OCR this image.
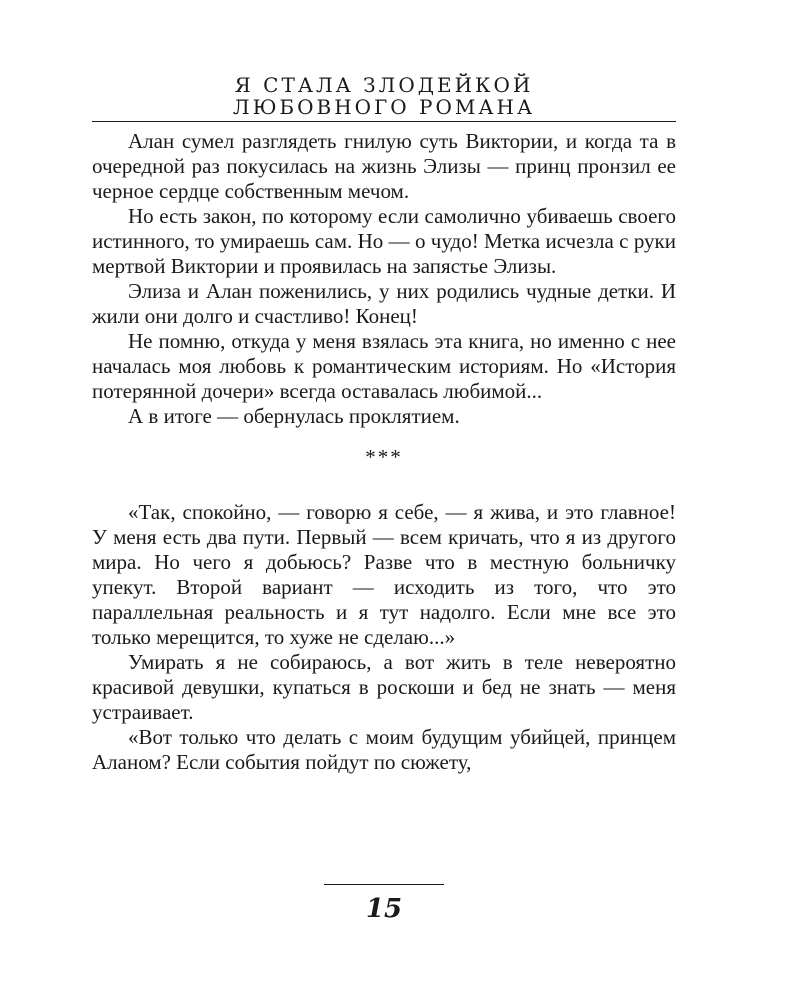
Я СТАЛА ЗЛОДЕЙКОЙ
ЛЮБОВНОГО РОМАНА

Алан сумел разглядеть гнилую суть Виктории, и когда та в очередной раз покусилась на жизнь Элизы — принц пронзил ее черное сердце собственным мечом.

Но есть закон, по которому если самолично убиваешь своего истинного, то умираешь сам. Но — о чудо! Метка исчезла с руки мертвой Виктории и проявилась на запястье Элизы.

Элиза и Алан поженились, у них родились чудные детки. И жили они долго и счастливо! Конец!

Не помню, откуда у меня взялась эта книга, но именно с нее началась моя любовь к романтическим историям. Но «История потерянной дочери» всегда оставалась любимой...

А в итоге — обернулась проклятием.

***

«Так, спокойно, — говорю я себе, — я жива, и это главное! У меня есть два пути. Первый — всем кричать, что я из другого мира. Но чего я добьюсь? Разве что в местную больничку упекут. Второй вариант — исходить из того, что это параллельная реальность и я тут надолго. Если мне все это только мерещится, то хуже не сделаю...»

Умирать я не собираюсь, а вот жить в теле невероятно красивой девушки, купаться в роскоши и бед не знать — меня устраивает.

«Вот только что делать с моим будущим убийцей, принцем Аланом? Если события пойдут по сюжету,

15
